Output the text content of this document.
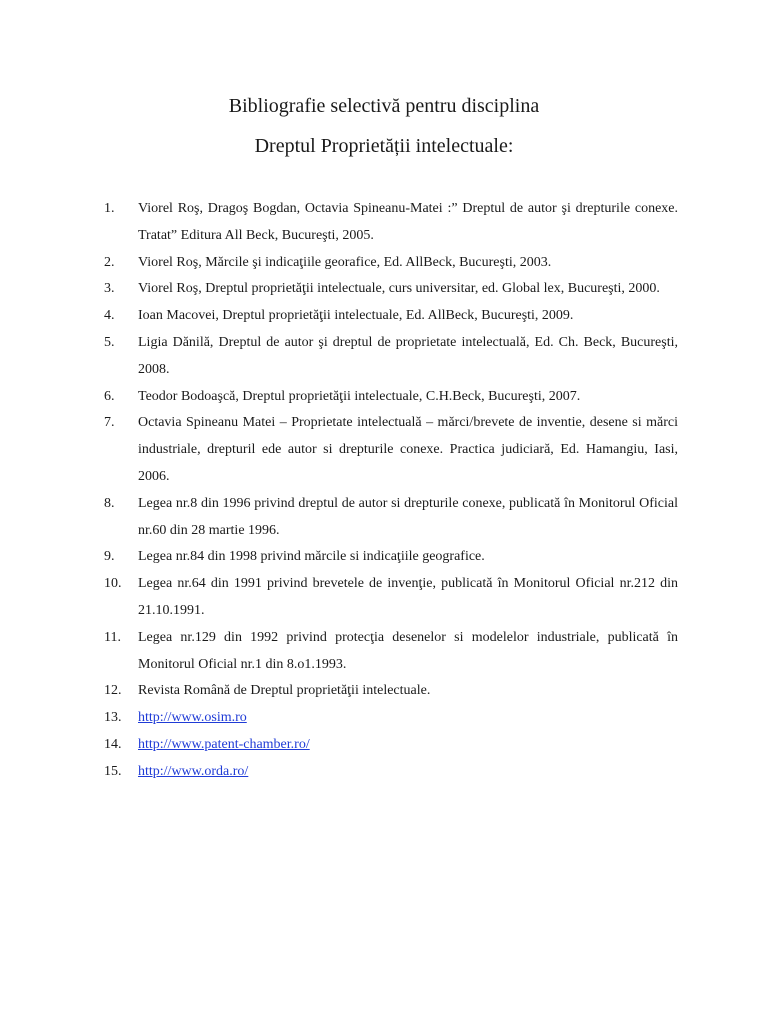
Bibliografie selectivă pentru disciplina
Dreptul Proprietății intelectuale:
1.	Viorel Roş, Dragoş Bogdan, Octavia Spineanu-Matei :” Dreptul de autor şi drepturile conexe. Tratat” Editura All Beck, Bucureşti, 2005.
2.	Viorel Roş, Mărcile şi indicaţiile georafice, Ed. AllBeck, Bucureşti, 2003.
3.	Viorel Roş, Dreptul proprietăţii intelectuale, curs universitar, ed. Global lex, Bucureşti, 2000.
4.	Ioan Macovei, Dreptul proprietăţii intelectuale, Ed. AllBeck, Bucureşti, 2009.
5.	Ligia Dănilă, Dreptul de autor şi dreptul de proprietate intelectuală, Ed. Ch. Beck, Bucureşti, 2008.
6.	Teodor Bodoaşcă, Dreptul proprietăţii intelectuale, C.H.Beck, Bucureşti, 2007.
7.	Octavia Spineanu Matei – Proprietate intelectuală – mărci/brevete de inventie, desene si mărci industriale, drepturil ede autor si drepturile conexe. Practica judiciară, Ed. Hamangiu, Iasi, 2006.
8.	Legea nr.8 din 1996 privind dreptul de autor si drepturile conexe, publicată în Monitorul Oficial nr.60 din 28 martie 1996.
9.	Legea nr.84 din 1998 privind mărcile si indicaţiile geografice.
10.	Legea nr.64 din 1991 privind brevetele de invenţie, publicată în Monitorul Oficial nr.212 din 21.10.1991.
11.	Legea nr.129 din 1992 privind protecţia desenelor si modelelor industriale, publicată în Monitorul Oficial nr.1 din 8.o1.1993.
12.	Revista Română de Dreptul proprietăţii intelectuale.
13.	http://www.osim.ro
14.	http://www.patent-chamber.ro/
15.	http://www.orda.ro/
